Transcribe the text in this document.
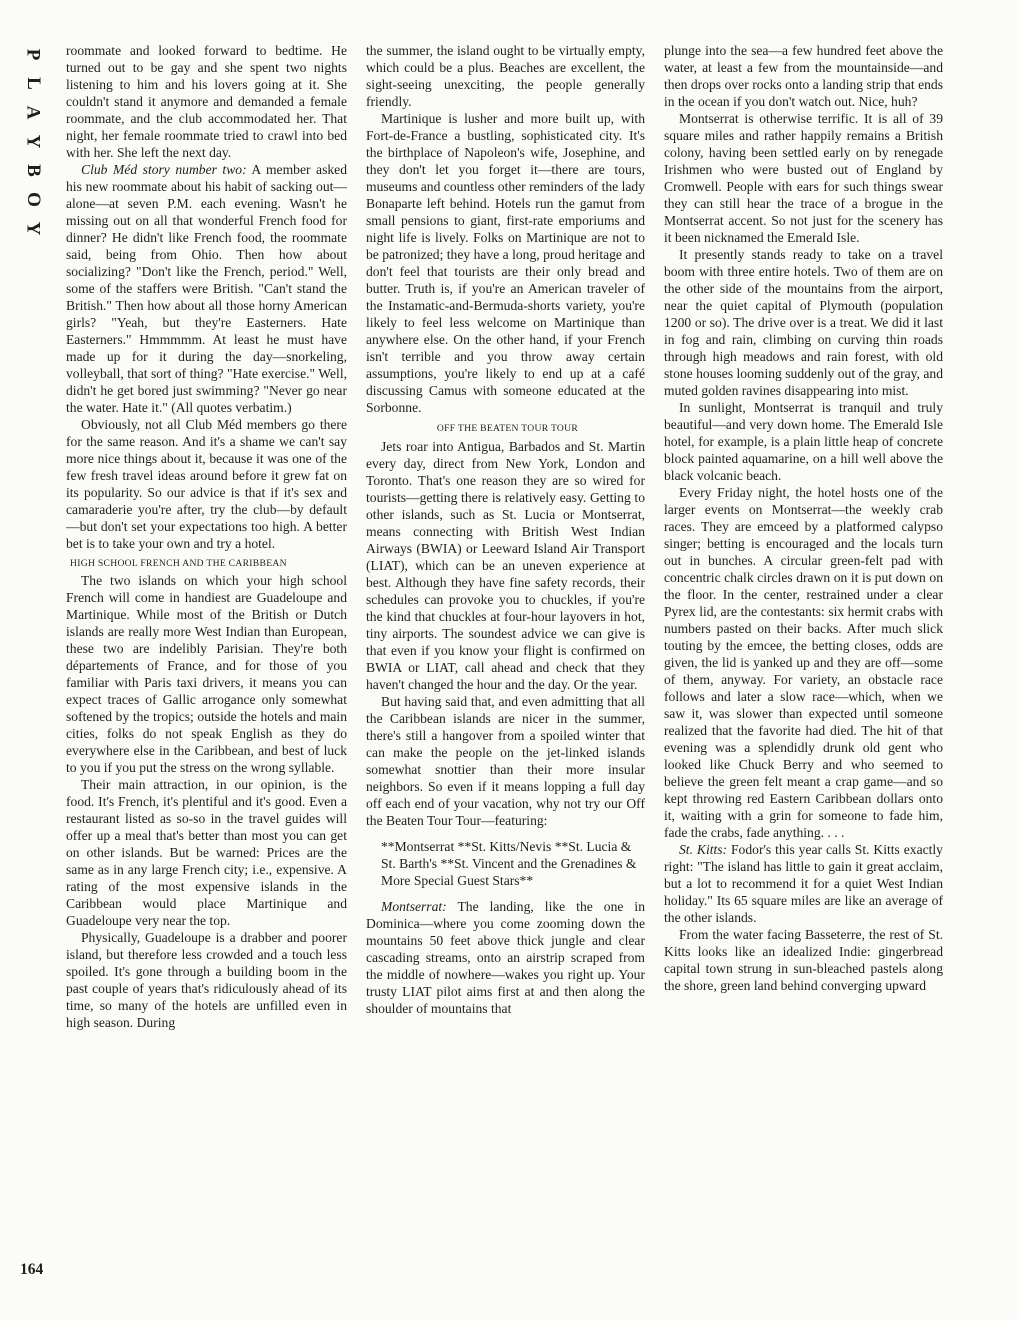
P
L
A
Y
B
O
Y
164

roommate and looked forward to bedtime. He turned out to be gay and she spent two nights listening to him and his lovers going at it. She couldn't stand it anymore and demanded a female roommate, and the club accommodated her. That night, her female roommate tried to crawl into bed with her. She left the next day.

Club Méd story number two: A member asked his new roommate about his habit of sacking out—alone—at seven P.M. each evening. Wasn't he missing out on all that wonderful French food for dinner? He didn't like French food, the roommate said, being from Ohio. Then how about socializing? "Don't like the French, period." Well, some of the staffers were British. "Can't stand the British." Then how about all those horny American girls? "Yeah, but they're Easterners. Hate Easterners." Hmmmmm. At least he must have made up for it during the day—snorkeling, volleyball, that sort of thing? "Hate exercise." Well, didn't he get bored just swimming? "Never go near the water. Hate it." (All quotes verbatim.)

Obviously, not all Club Méd members go there for the same reason. And it's a shame we can't say more nice things about it, because it was one of the few fresh travel ideas around before it grew fat on its popularity. So our advice is that if it's sex and camaraderie you're after, try the club—by default—but don't set your expectations too high. A better bet is to take your own and try a hotel.

HIGH SCHOOL FRENCH AND THE CARIBBEAN

The two islands on which your high school French will come in handiest are Guadeloupe and Martinique. While most of the British or Dutch islands are really more West Indian than European, these two are indelibly Parisian. They're both départements of France, and for those of you familiar with Paris taxi drivers, it means you can expect traces of Gallic arrogance only somewhat softened by the tropics; outside the hotels and main cities, folks do not speak English as they do everywhere else in the Caribbean, and best of luck to you if you put the stress on the wrong syllable.

Their main attraction, in our opinion, is the food. It's French, it's plentiful and it's good. Even a restaurant listed as so-so in the travel guides will offer up a meal that's better than most you can get on other islands. But be warned: Prices are the same as in any large French city; i.e., expensive. A rating of the most expensive islands in the Caribbean would place Martinique and Guadeloupe very near the top.

Physically, Guadeloupe is a drabber and poorer island, but therefore less crowded and a touch less spoiled. It's gone through a building boom in the past couple of years that's ridiculously ahead of its time, so many of the hotels are unfilled even in high season. During

the summer, the island ought to be virtually empty, which could be a plus. Beaches are excellent, the sight-seeing unexciting, the people generally friendly.

Martinique is lusher and more built up, with Fort-de-France a bustling, sophisticated city. It's the birthplace of Napoleon's wife, Josephine, and they don't let you forget it—there are tours, museums and countless other reminders of the lady Bonaparte left behind. Hotels run the gamut from small pensions to giant, first-rate emporiums and night life is lively. Folks on Martinique are not to be patronized; they have a long, proud heritage and don't feel that tourists are their only bread and butter. Truth is, if you're an American traveler of the Instamatic-and-Bermuda-shorts variety, you're likely to feel less welcome on Martinique than anywhere else. On the other hand, if your French isn't terrible and you throw away certain assumptions, you're likely to end up at a café discussing Camus with someone educated at the Sorbonne.

OFF THE BEATEN TOUR TOUR

Jets roar into Antigua, Barbados and St. Martin every day, direct from New York, London and Toronto. That's one reason they are so wired for tourists—getting there is relatively easy. Getting to other islands, such as St. Lucia or Montserrat, means connecting with British West Indian Airways (BWIA) or Leeward Island Air Transport (LIAT), which can be an uneven experience at best. Although they have fine safety records, their schedules can provoke you to chuckles, if you're the kind that chuckles at four-hour layovers in hot, tiny airports. The soundest advice we can give is that even if you know your flight is confirmed on BWIA or LIAT, call ahead and check that they haven't changed the hour and the day. Or the year.

But having said that, and even admitting that all the Caribbean islands are nicer in the summer, there's still a hangover from a spoiled winter that can make the people on the jet-linked islands somewhat snottier than their more insular neighbors. So even if it means lopping a full day off each end of your vacation, why not try our Off the Beaten Tour Tour—featuring:

**Montserrat **St. Kitts/Nevis **St. Lucia & St. Barth's **St. Vincent and the Grenadines & More Special Guest Stars**

Montserrat: The landing, like the one in Dominica—where you come zooming down the mountains 50 feet above thick jungle and clear cascading streams, onto an airstrip scraped from the middle of nowhere—wakes you right up. Your trusty LIAT pilot aims first at and then along the shoulder of mountains that

plunge into the sea—a few hundred feet above the water, at least a few from the mountainside—and then drops over rocks onto a landing strip that ends in the ocean if you don't watch out. Nice, huh?

Montserrat is otherwise terrific. It is all of 39 square miles and rather happily remains a British colony, having been settled early on by renegade Irishmen who were busted out of England by Cromwell. People with ears for such things swear they can still hear the trace of a brogue in the Montserrat accent. So not just for the scenery has it been nicknamed the Emerald Isle.

It presently stands ready to take on a travel boom with three entire hotels. Two of them are on the other side of the mountains from the airport, near the quiet capital of Plymouth (population 1200 or so). The drive over is a treat. We did it last in fog and rain, climbing on curving thin roads through high meadows and rain forest, with old stone houses looming suddenly out of the gray, and muted golden ravines disappearing into mist.

In sunlight, Montserrat is tranquil and truly beautiful—and very down home. The Emerald Isle hotel, for example, is a plain little heap of concrete block painted aquamarine, on a hill well above the black volcanic beach.

Every Friday night, the hotel hosts one of the larger events on Montserrat—the weekly crab races. They are emceed by a platformed calypso singer; betting is encouraged and the locals turn out in bunches. A circular green-felt pad with concentric chalk circles drawn on it is put down on the floor. In the center, restrained under a clear Pyrex lid, are the contestants: six hermit crabs with numbers pasted on their backs. After much slick touting by the emcee, the betting closes, odds are given, the lid is yanked up and they are off—some of them, anyway. For variety, an obstacle race follows and later a slow race—which, when we saw it, was slower than expected until someone realized that the favorite had died. The hit of that evening was a splendidly drunk old gent who looked like Chuck Berry and who seemed to believe the green felt meant a crap game—and so kept throwing red Eastern Caribbean dollars onto it, waiting with a grin for someone to fade him, fade the crabs, fade anything. . . .

St. Kitts: Fodor's this year calls St. Kitts exactly right: "The island has little to gain it great acclaim, but a lot to recommend it for a quiet West Indian holiday." Its 65 square miles are like an average of the other islands.

From the water facing Basseterre, the rest of St. Kitts looks like an idealized Indie: gingerbread capital town strung in sun-bleached pastels along the shore, green land behind converging upward
